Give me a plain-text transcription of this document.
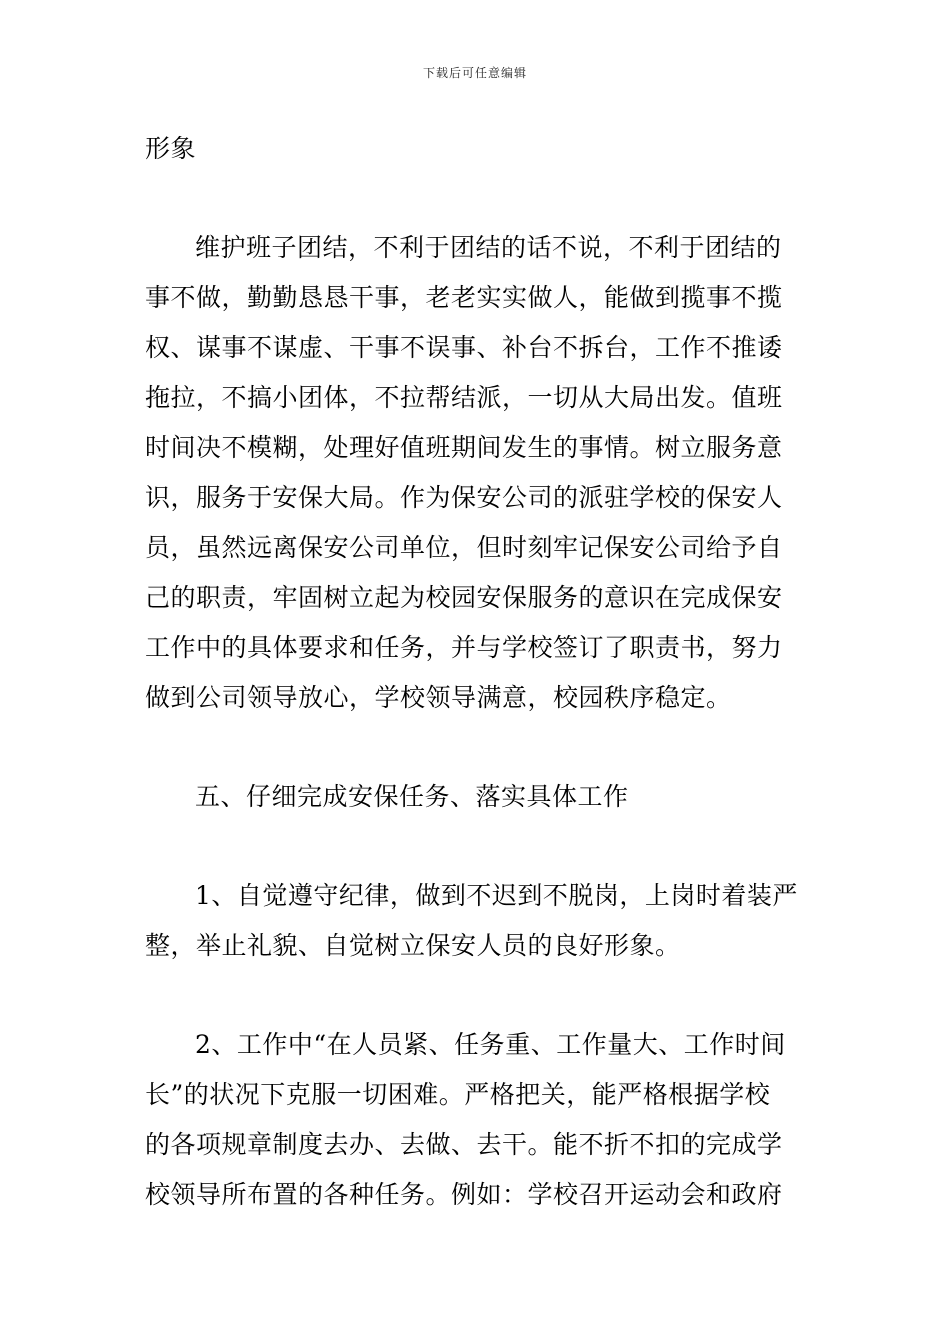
下载后可任意编辑
形象
维护班子团结，不利于团结的话不说，不利于团结的
事不做，勤勤恳恳干事，老老实实做人，能做到揽事不揽
权、谋事不谋虚、干事不误事、补台不拆台，工作不推诿
拖拉，不搞小团体，不拉帮结派，一切从大局出发。值班
时间决不模糊，处理好值班期间发生的事情。树立服务意
识，服务于安保大局。作为保安公司的派驻学校的保安人
员，虽然远离保安公司单位，但时刻牢记保安公司给予自
己的职责，牢固树立起为校园安保服务的意识在完成保安
工作中的具体要求和任务，并与学校签订了职责书，努力
做到公司领导放心，学校领导满意，校园秩序稳定。
五、仔细完成安保任务、落实具体工作
1、自觉遵守纪律，做到不迟到不脱岗，上岗时着装严
整，举止礼貌、自觉树立保安人员的良好形象。
2、工作中“在人员紧、任务重、工作量大、工作时间
长”的状况下克服一切困难。严格把关，能严格根据学校
的各项规章制度去办、去做、去干。能不折不扣的完成学
校领导所布置的各种任务。例如：学校召开运动会和政府
